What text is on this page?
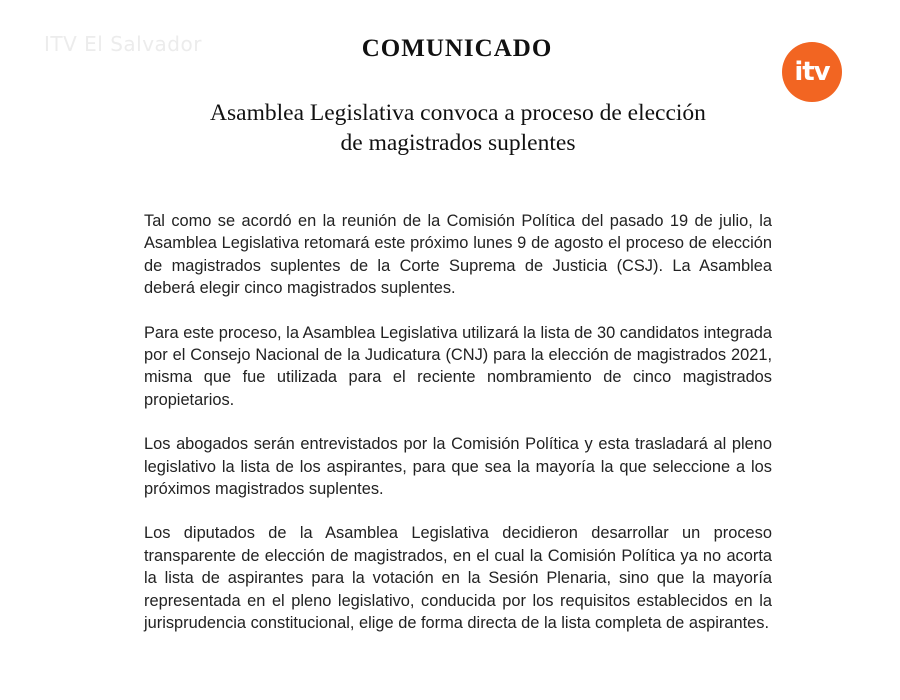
ITV El Salvador
itv
COMUNICADO
Asamblea Legislativa convoca a proceso de elección
de magistrados suplentes

Tal como se acordó en la reunión de la Comisión Política del pasado 19 de julio, la Asamblea Legislativa retomará este próximo lunes 9 de agosto el proceso de elección de magistrados suplentes de la Corte Suprema de Justicia (CSJ). La Asamblea deberá elegir cinco magistrados suplentes.

Para este proceso, la Asamblea Legislativa utilizará la lista de 30 candidatos integrada por el Consejo Nacional de la Judicatura (CNJ) para la elección de magistrados 2021, misma que fue utilizada para el reciente nombramiento de cinco magistrados propietarios.

Los abogados serán entrevistados por la Comisión Política y esta trasladará al pleno legislativo la lista de los aspirantes, para que sea la mayoría la que seleccione a los próximos magistrados suplentes.

Los diputados de la Asamblea Legislativa decidieron desarrollar un proceso transparente de elección de magistrados, en el cual la Comisión Política ya no acorta la lista de aspirantes para la votación en la Sesión Plenaria, sino que la mayoría representada en el pleno legislativo, conducida por los requisitos establecidos en la jurisprudencia constitucional, elige de forma directa de la lista completa de aspirantes.
